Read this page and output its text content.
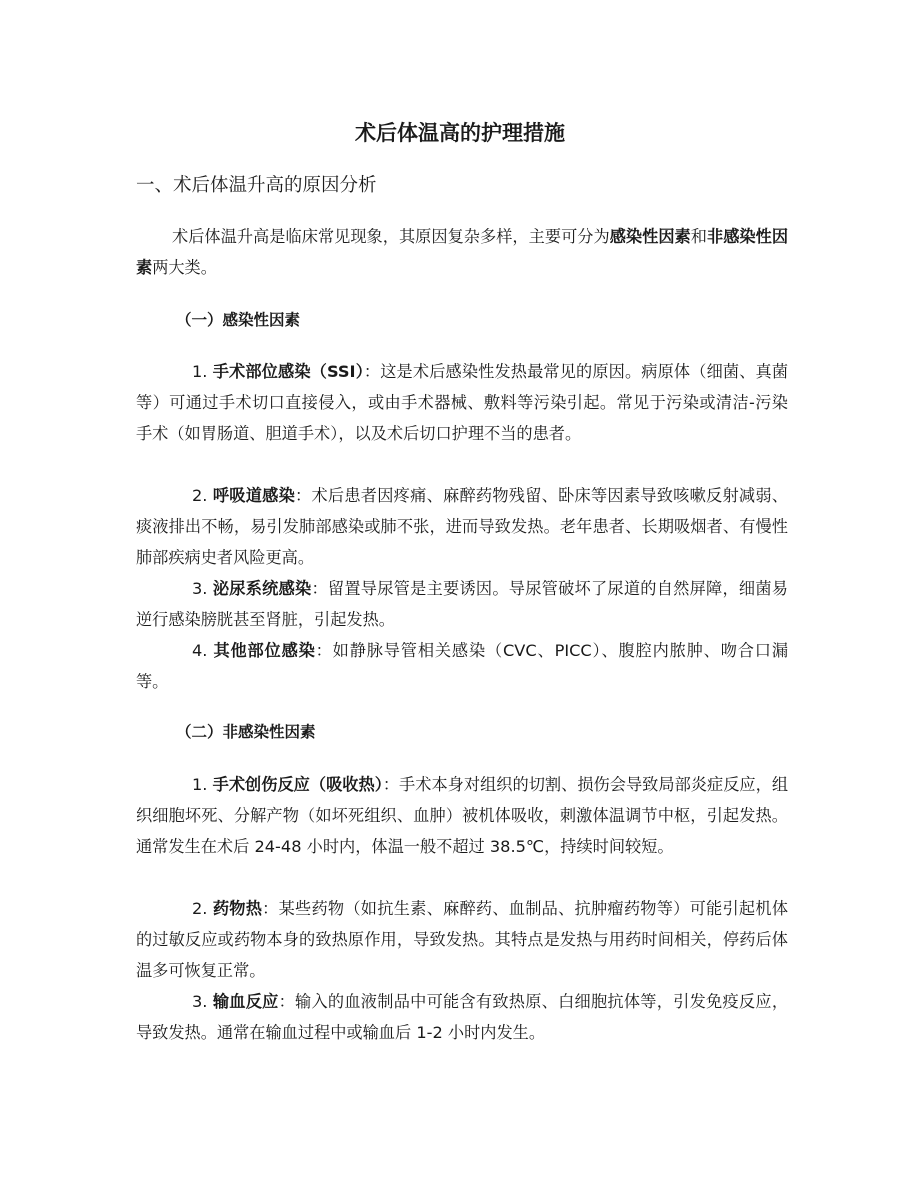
术后体温高的护理措施
一、术后体温升高的原因分析
术后体温升高是临床常见现象，其原因复杂多样，主要可分为感染性因素和非感染性因素两大类。
（一）感染性因素
1. 手术部位感染（SSI）：这是术后感染性发热最常见的原因。病原体（细菌、真菌等）可通过手术切口直接侵入，或由手术器械、敷料等污染引起。常见于污染或清洁-污染手术（如胃肠道、胆道手术），以及术后切口护理不当的患者。
2. 呼吸道感染：术后患者因疼痛、麻醉药物残留、卧床等因素导致咳嗽反射减弱、痰液排出不畅，易引发肺部感染或肺不张，进而导致发热。老年患者、长期吸烟者、有慢性肺部疾病史者风险更高。
3. 泌尿系统感染：留置导尿管是主要诱因。导尿管破坏了尿道的自然屏障，细菌易逆行感染膀胱甚至肾脏，引起发热。
4. 其他部位感染：如静脉导管相关感染（CVC、PICC）、腹腔内脓肿、吻合口漏等。
（二）非感染性因素
1. 手术创伤反应（吸收热）：手术本身对组织的切割、损伤会导致局部炎症反应，组织细胞坏死、分解产物（如坏死组织、血肿）被机体吸收，刺激体温调节中枢，引起发热。通常发生在术后 24-48 小时内，体温一般不超过 38.5℃，持续时间较短。
2. 药物热：某些药物（如抗生素、麻醉药、血制品、抗肿瘤药物等）可能引起机体的过敏反应或药物本身的致热原作用，导致发热。其特点是发热与用药时间相关，停药后体温多可恢复正常。
3. 输血反应：输入的血液制品中可能含有致热原、白细胞抗体等，引发免疫反应，导致发热。通常在输血过程中或输血后 1-2 小时内发生。
